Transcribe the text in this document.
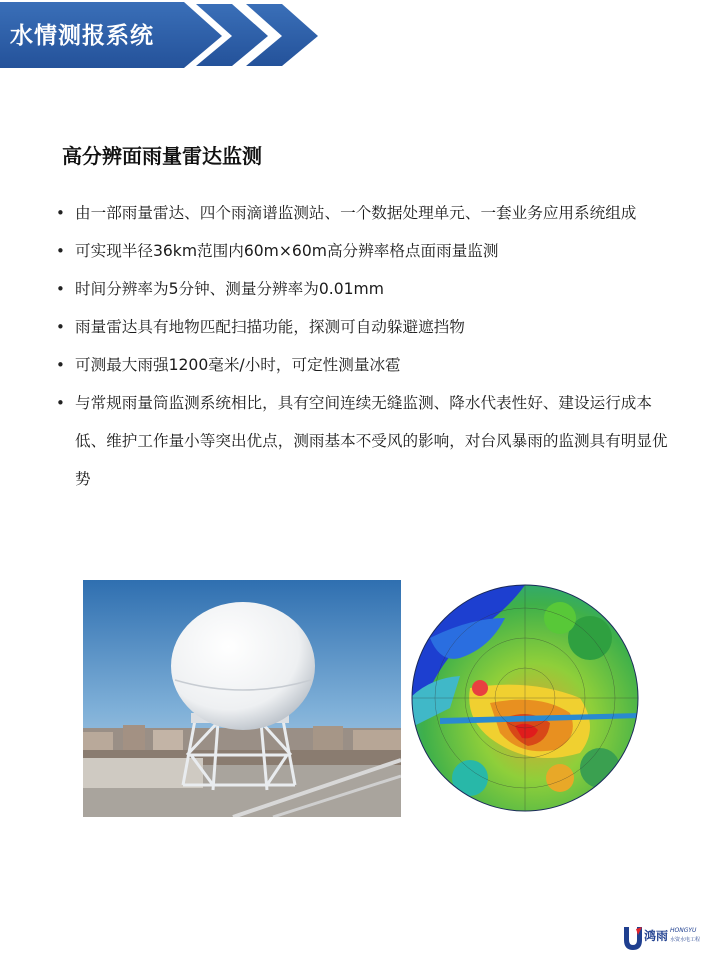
水情测报系统
高分辨面雨量雷达监测
• 由一部雨量雷达、四个雨滴谱监测站、一个数据处理单元、一套业务应用系统组成
• 可实现半径36km范围内60m×60m高分辨率格点面雨量监测
• 时间分辨率为5分钟、测量分辨率为0.01mm
• 雨量雷达具有地物匹配扫描功能，探测可自动躲避遮挡物
• 可测最大雨强1200毫米/小时，可定性测量冰雹
• 与常规雨量筒监测系统相比，具有空间连续无缝监测、降水代表性好、建设运行成本低、维护工作量小等突出优点，测雨基本不受风的影响，对台风暴雨的监测具有明显优势
鸿雨 HONGYU
水资水电工程
